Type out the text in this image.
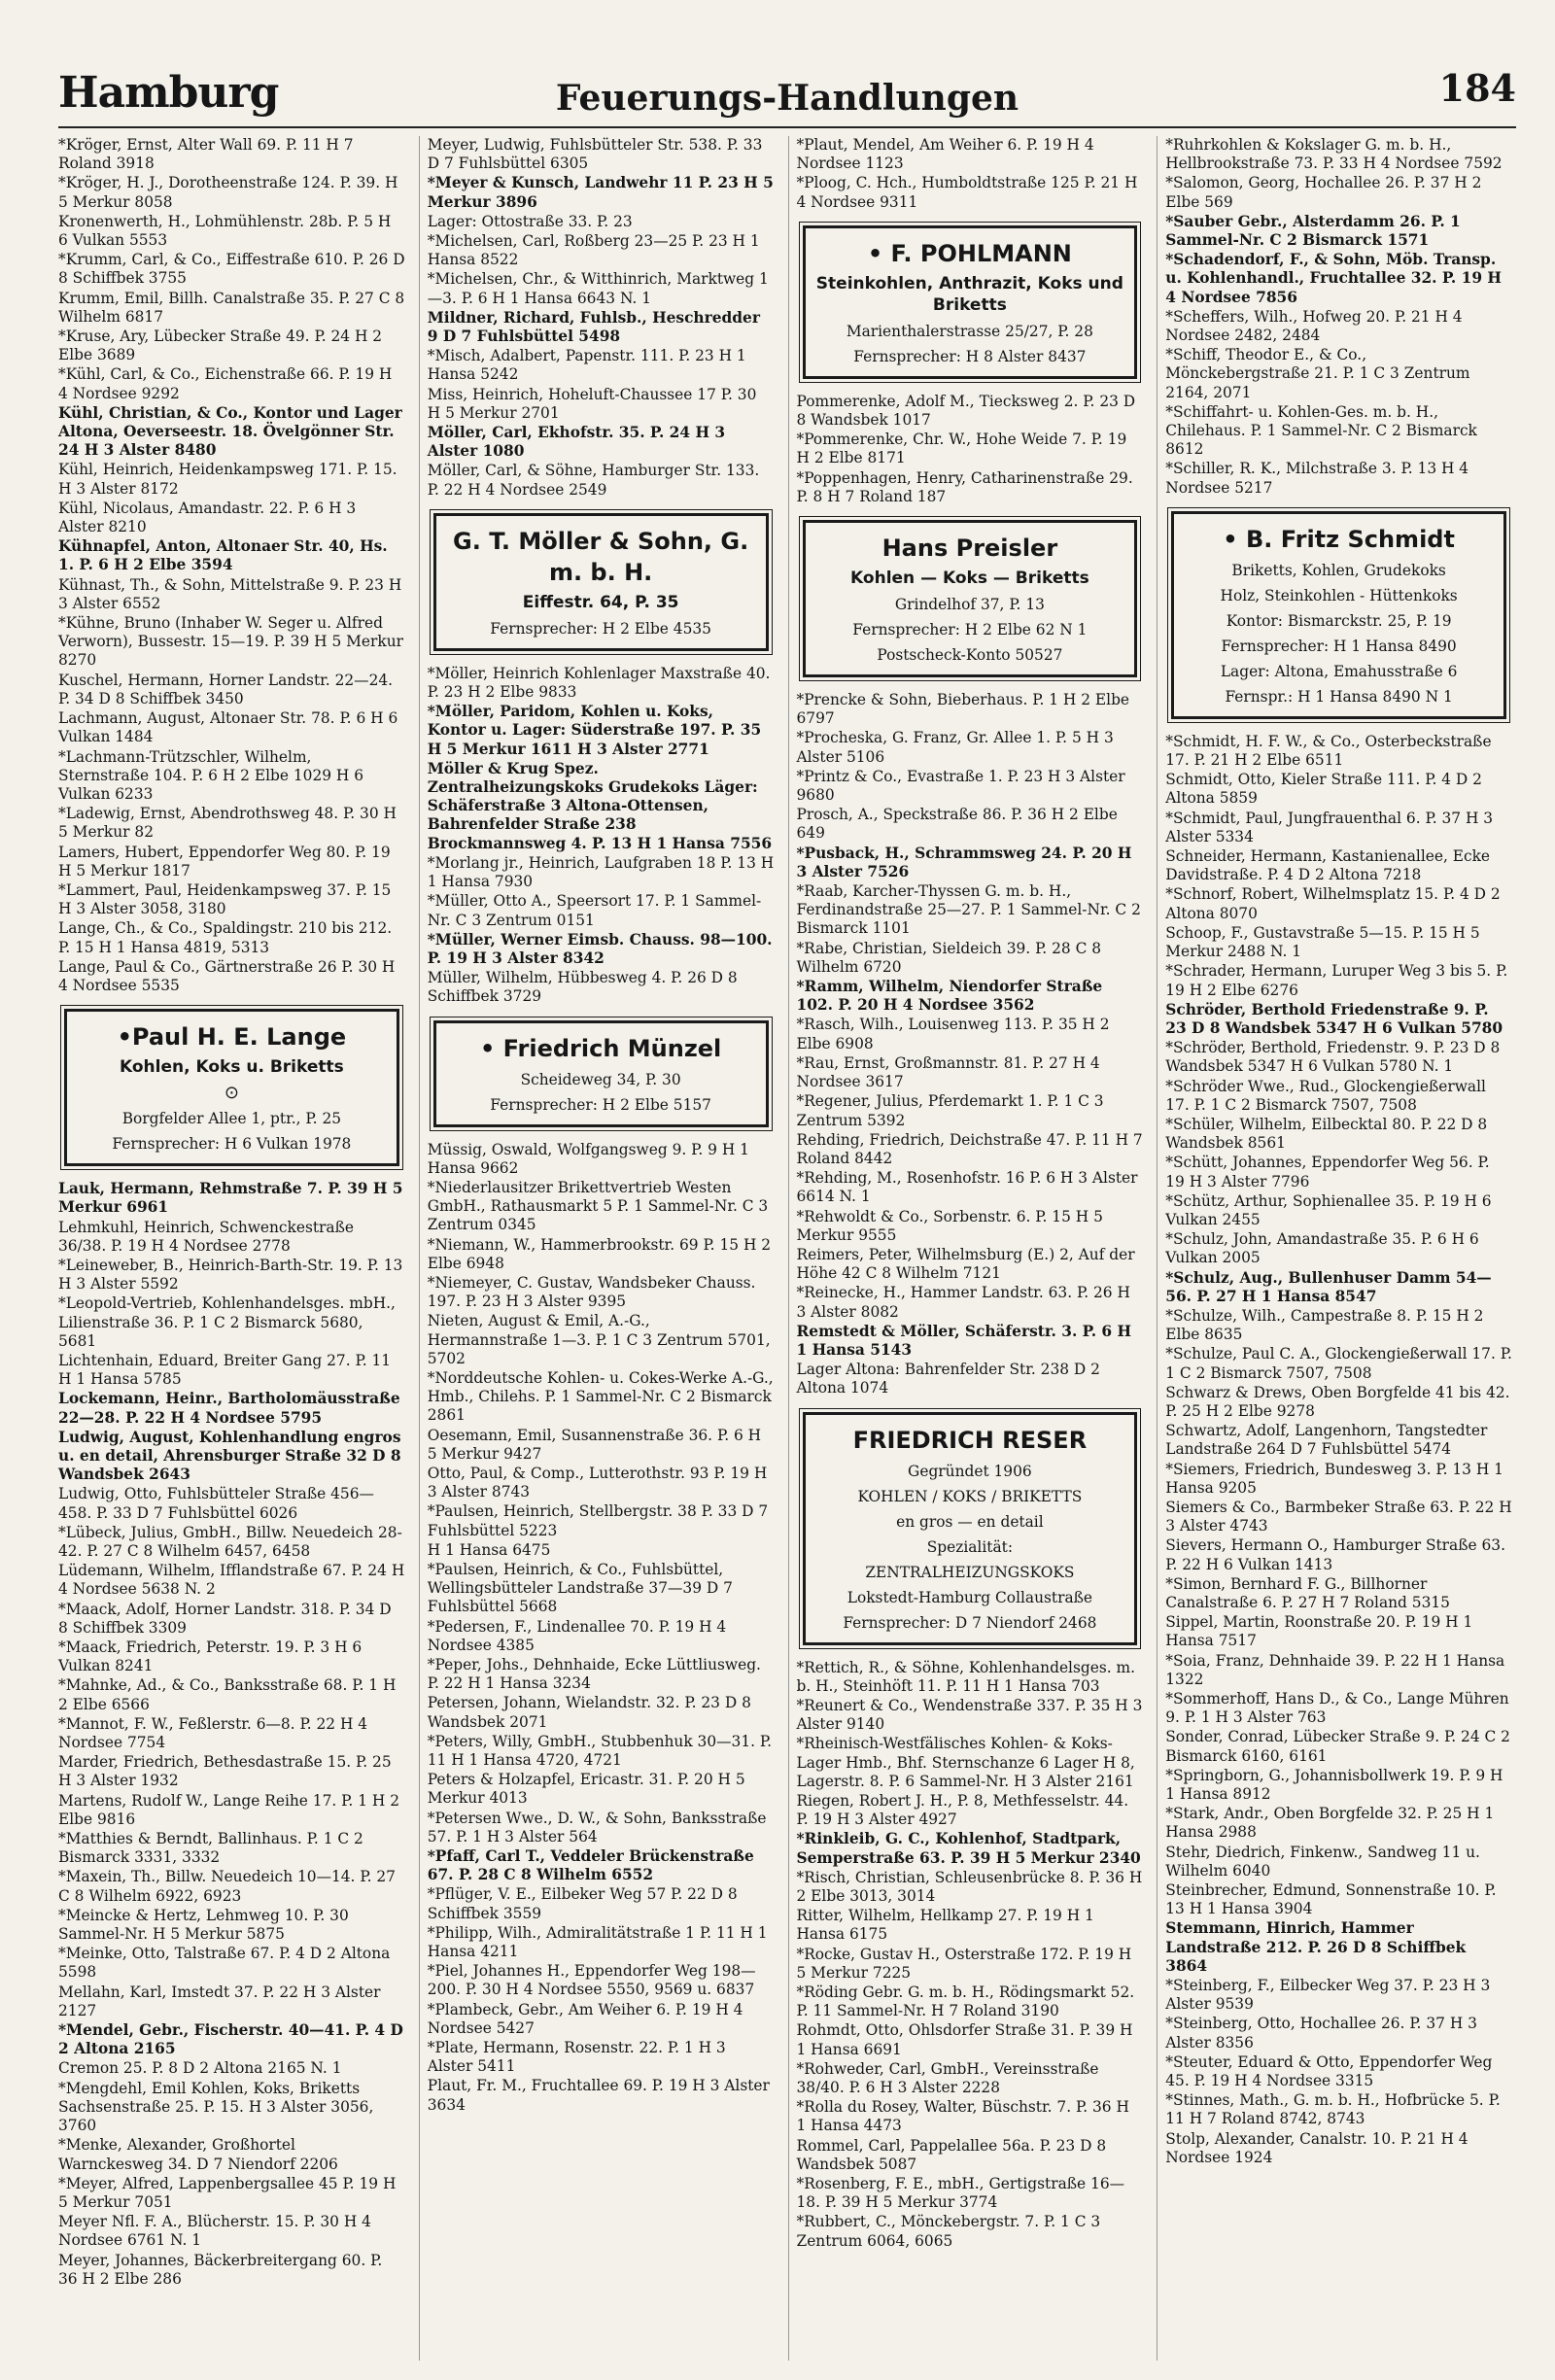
Hamburg	Feuerungs-Handlungen	184
*Kröger, Ernst, Alter Wall 69. P. 11 H 7 Roland 3918
*Kröger, H. J., Dorotheenstraße 124. P. 39. H 5 Merkur 8058
Kronenwerth, H., Lohmühlenstr. 28b. P. 5 H 6 Vulkan 5553
*Krumm, Carl, & Co., Eiffestraße 610. P. 26 D 8 Schiffbek 3755
Krumm, Emil, Billh. Canalstraße 35. P. 27 C 8 Wilhelm 6817
*Kruse, Ary, Lübecker Straße 49. P. 24 H 2 Elbe 3689
*Kühl, Carl, & Co., Eichenstraße 66. P. 19 H 4 Nordsee 9292
Kühl, Christian, & Co., Kontor und Lager Altona, Oeverseestr. 18. Övelgönner Str. 24 H 3 Alster 8480
Kühl, Heinrich, Heidenkampsweg 171. P. 15. H 3 Alster 8172
Kühl, Nicolaus, Amandastr. 22. P. 6 H 3 Alster 8210
Kühnapfel, Anton, Altonaer Str. 40, Hs. 1. P. 6 H 2 Elbe 3594
Kühnast, Th., & Sohn, Mittelstraße 9. P. 23 H 3 Alster 6552
*Kühne, Bruno (Inhaber W. Seger u. Alfred Verworn), Bussestr. 15—19. P. 39 H 5 Merkur 8270
Kuschel, Hermann, Horner Landstr. 22—24. P. 34 D 8 Schiffbek 3450
Lachmann, August, Altonaer Str. 78. P. 6 H 6 Vulkan 1484
*Lachmann-Trützschler, Wilhelm, Sternstraße 104. P. 6 H 2 Elbe 1029 H 6 Vulkan 6233
*Ladewig, Ernst, Abendrothsweg 48. P. 30 H 5 Merkur 82
Lamers, Hubert, Eppendorfer Weg 80. P. 19 H 5 Merkur 1817
*Lammert, Paul, Heidenkampsweg 37. P. 15 H 3 Alster 3058, 3180
Lange, Ch., & Co., Spaldingstr. 210 bis 212. P. 15 H 1 Hansa 4819, 5313
Lange, Paul & Co., Gärtnerstraße 26 P. 30 H 4 Nordsee 5535
•Paul H. E. Lange
Kohlen, Koks u. Briketts
⊙
Borgfelder Allee 1, ptr., P. 25
Fernsprecher: H 6 Vulkan 1978
Lauk, Hermann, Rehmstraße 7. P. 39 H 5 Merkur 6961
Lehmkuhl, Heinrich, Schwenckestraße 36/38. P. 19 H 4 Nordsee 2778
*Leineweber, B., Heinrich-Barth-Str. 19. P. 13 H 3 Alster 5592
*Leopold-Vertrieb, Kohlenhandelsges. mbH., Lilienstraße 36. P. 1 C 2 Bismarck 5680, 5681
Lichtenhain, Eduard, Breiter Gang 27. P. 11 H 1 Hansa 5785
Lockemann, Heinr., Bartholomäusstraße 22—28. P. 22 H 4 Nordsee 5795
Ludwig, August, Kohlenhandlung engros u. en detail, Ahrensburger Straße 32 D 8 Wandsbek 2643
Ludwig, Otto, Fuhlsbütteler Straße 456—458. P. 33 D 7 Fuhlsbüttel 6026
*Lübeck, Julius, GmbH., Billw. Neuedeich 28-42. P. 27 C 8 Wilhelm 6457, 6458
Lüdemann, Wilhelm, Ifflandstraße 67. P. 24 H 4 Nordsee 5638 N. 2
*Maack, Adolf, Horner Landstr. 318. P. 34 D 8 Schiffbek 3309
*Maack, Friedrich, Peterstr. 19. P. 3 H 6 Vulkan 8241
*Mahnke, Ad., & Co., Banksstraße 68. P. 1 H 2 Elbe 6566
*Mannot, F. W., Feßlerstr. 6—8. P. 22 H 4 Nordsee 7754
Marder, Friedrich, Bethesdastraße 15. P. 25 H 3 Alster 1932
Martens, Rudolf W., Lange Reihe 17. P. 1 H 2 Elbe 9816
*Matthies & Berndt, Ballinhaus. P. 1 C 2 Bismarck 3331, 3332
*Maxein, Th., Billw. Neuedeich 10—14. P. 27 C 8 Wilhelm 6922, 6923
*Meincke & Hertz, Lehmweg 10. P. 30 Sammel-Nr. H 5 Merkur 5875
*Meinke, Otto, Talstraße 67. P. 4 D 2 Altona 5598
Mellahn, Karl, Imstedt 37. P. 22 H 3 Alster 2127
*Mendel, Gebr., Fischerstr. 40—41. P. 4 D 2 Altona 2165
Cremon 25. P. 8 D 2 Altona 2165 N. 1
*Mengdehl, Emil Kohlen, Koks, Briketts Sachsenstraße 25. P. 15. H 3 Alster 3056, 3760
*Menke, Alexander, Großhortel Warnckesweg 34. D 7 Niendorf 2206
*Meyer, Alfred, Lappenbergsallee 45 P. 19 H 5 Merkur 7051
Meyer Nfl. F. A., Blücherstr. 15. P. 30 H 4 Nordsee 6761 N. 1
Meyer, Johannes, Bäckerbreitergang 60. P. 36 H 2 Elbe 286
Meyer, Ludwig, Fuhlsbütteler Str. 538. P. 33 D 7 Fuhlsbüttel 6305
*Meyer & Kunsch, Landwehr 11 P. 23 H 5 Merkur 3896
Lager: Ottostraße 33. P. 23
*Michelsen, Carl, Roßberg 23—25 P. 23 H 1 Hansa 8522
*Michelsen, Chr., & Witthinrich, Marktweg 1—3. P. 6 H 1 Hansa 6643 N. 1
Mildner, Richard, Fuhlsb., Heschredder 9 D 7 Fuhlsbüttel 5498
*Misch, Adalbert, Papenstr. 111. P. 23 H 1 Hansa 5242
Miss, Heinrich, Hoheluft-Chaussee 17 P. 30 H 5 Merkur 2701
Möller, Carl, Ekhofstr. 35. P. 24 H 3 Alster 1080
Möller, Carl, & Söhne, Hamburger Str. 133. P. 22 H 4 Nordsee 2549
G. T. Möller & Sohn, G. m. b. H.
Eiffestr. 64, P. 35
Fernsprecher: H 2 Elbe 4535
*Möller, Heinrich Kohlenlager Maxstraße 40. P. 23 H 2 Elbe 9833
*Möller, Paridom, Kohlen u. Koks, Kontor u. Lager: Süderstraße 197. P. 35 H 5 Merkur 1611 H 3 Alster 2771
Möller & Krug Spez. Zentralheizungskoks Grudekoks Läger: Schäferstraße 3 Altona-Ottensen, Bahrenfelder Straße 238 Brockmannsweg 4. P. 13 H 1 Hansa 7556
*Morlang jr., Heinrich, Laufgraben 18 P. 13 H 1 Hansa 7930
*Müller, Otto A., Speersort 17. P. 1 Sammel-Nr. C 3 Zentrum 0151
*Müller, Werner Eimsb. Chauss. 98—100. P. 19 H 3 Alster 8342
Müller, Wilhelm, Hübbesweg 4. P. 26 D 8 Schiffbek 3729
• Friedrich Münzel
Scheideweg 34, P. 30
Fernsprecher: H 2 Elbe 5157
Müssig, Oswald, Wolfgangsweg 9. P. 9 H 1 Hansa 9662
*Niederlausitzer Brikettvertrieb Westen GmbH., Rathausmarkt 5 P. 1 Sammel-Nr. C 3 Zentrum 0345
*Niemann, W., Hammerbrookstr. 69 P. 15 H 2 Elbe 6948
*Niemeyer, C. Gustav, Wandsbeker Chauss. 197. P. 23 H 3 Alster 9395
Nieten, August & Emil, A.-G., Hermannstraße 1—3. P. 1 C 3 Zentrum 5701, 5702
*Norddeutsche Kohlen- u. Cokes-Werke A.-G., Hmb., Chilehs. P. 1 Sammel-Nr. C 2 Bismarck 2861
Oesemann, Emil, Susannenstraße 36. P. 6 H 5 Merkur 9427
Otto, Paul, & Comp., Lutterothstr. 93 P. 19 H 3 Alster 8743
*Paulsen, Heinrich, Stellbergstr. 38 P. 33 D 7 Fuhlsbüttel 5223
H 1 Hansa 6475
*Paulsen, Heinrich, & Co., Fuhlsbüttel, Wellingsbütteler Landstraße 37—39 D 7 Fuhlsbüttel 5668
*Pedersen, F., Lindenallee 70. P. 19 H 4 Nordsee 4385
*Peper, Johs., Dehnhaide, Ecke Lüttliusweg. P. 22 H 1 Hansa 3234
Petersen, Johann, Wielandstr. 32. P. 23 D 8 Wandsbek 2071
*Peters, Willy, GmbH., Stubbenhuk 30—31. P. 11 H 1 Hansa 4720, 4721
Peters & Holzapfel, Ericastr. 31. P. 20 H 5 Merkur 4013
*Petersen Wwe., D. W., & Sohn, Banksstraße 57. P. 1 H 3 Alster 564
*Pfaff, Carl T., Veddeler Brückenstraße 67. P. 28 C 8 Wilhelm 6552
*Pflüger, V. E., Eilbeker Weg 57 P. 22 D 8 Schiffbek 3559
*Philipp, Wilh., Admiralitätstraße 1 P. 11 H 1 Hansa 4211
*Piel, Johannes H., Eppendorfer Weg 198—200. P. 30 H 4 Nordsee 5550, 9569 u. 6837
*Plambeck, Gebr., Am Weiher 6. P. 19 H 4 Nordsee 5427
*Plate, Hermann, Rosenstr. 22. P. 1 H 3 Alster 5411
Plaut, Fr. M., Fruchtallee 69. P. 19 H 3 Alster 3634
*Plaut, Mendel, Am Weiher 6. P. 19 H 4 Nordsee 1123
*Ploog, C. Hch., Humboldtstraße 125 P. 21 H 4 Nordsee 9311
• F. POHLMANN
Steinkohlen, Anthrazit, Koks und Briketts
Marienthalerstrasse 25/27, P. 28
Fernsprecher: H 8 Alster 8437
Pommerenke, Adolf M., Tiecksweg 2. P. 23 D 8 Wandsbek 1017
*Pommerenke, Chr. W., Hohe Weide 7. P. 19 H 2 Elbe 8171
*Poppenhagen, Henry, Catharinenstraße 29. P. 8 H 7 Roland 187
Hans Preisler
Kohlen — Koks — Briketts
Grindelhof 37, P. 13
Fernsprecher: H 2 Elbe 62 N 1
Postscheck-Konto 50527
*Prencke & Sohn, Bieberhaus. P. 1 H 2 Elbe 6797
*Procheska, G. Franz, Gr. Allee 1. P. 5 H 3 Alster 5106
*Printz & Co., Evastraße 1. P. 23 H 3 Alster 9680
Prosch, A., Speckstraße 86. P. 36 H 2 Elbe 649
*Pusback, H., Schrammsweg 24. P. 20 H 3 Alster 7526
*Raab, Karcher-Thyssen G. m. b. H., Ferdinandstraße 25—27. P. 1 Sammel-Nr. C 2 Bismarck 1101
*Rabe, Christian, Sieldeich 39. P. 28 C 8 Wilhelm 6720
*Ramm, Wilhelm, Niendorfer Straße 102. P. 20 H 4 Nordsee 3562
*Rasch, Wilh., Louisenweg 113. P. 35 H 2 Elbe 6908
*Rau, Ernst, Großmannstr. 81. P. 27 H 4 Nordsee 3617
*Regener, Julius, Pferdemarkt 1. P. 1 C 3 Zentrum 5392
Rehding, Friedrich, Deichstraße 47. P. 11 H 7 Roland 8442
*Rehding, M., Rosenhofstr. 16 P. 6 H 3 Alster 6614 N. 1
*Rehwoldt & Co., Sorbenstr. 6. P. 15 H 5 Merkur 9555
Reimers, Peter, Wilhelmsburg (E.) 2, Auf der Höhe 42 C 8 Wilhelm 7121
*Reinecke, H., Hammer Landstr. 63. P. 26 H 3 Alster 8082
Remstedt & Möller, Schäferstr. 3. P. 6 H 1 Hansa 5143
Lager Altona: Bahrenfelder Str. 238 D 2 Altona 1074
FRIEDRICH RESER
Gegründet 1906
KOHLEN / KOKS / BRIKETTS
en gros — en detail
Spezialität:
ZENTRALHEIZUNGSKOKS
Lokstedt-Hamburg Collaustraße
Fernsprecher: D 7 Niendorf 2468
*Rettich, R., & Söhne, Kohlenhandelsges. m. b. H., Steinhöft 11. P. 11 H 1 Hansa 703
*Reunert & Co., Wendenstraße 337. P. 35 H 3 Alster 9140
*Rheinisch-Westfälisches Kohlen- & Koks-Lager Hmb., Bhf. Sternschanze 6 Lager H 8, Lagerstr. 8. P. 6 Sammel-Nr. H 3 Alster 2161
Riegen, Robert J. H., P. 8, Methfesselstr. 44. P. 19 H 3 Alster 4927
*Rinkleib, G. C., Kohlenhof, Stadtpark, Semperstraße 63. P. 39 H 5 Merkur 2340
*Risch, Christian, Schleusenbrücke 8. P. 36 H 2 Elbe 3013, 3014
Ritter, Wilhelm, Hellkamp 27. P. 19 H 1 Hansa 6175
*Rocke, Gustav H., Osterstraße 172. P. 19 H 5 Merkur 7225
*Röding Gebr. G. m. b. H., Rödingsmarkt 52. P. 11 Sammel-Nr. H 7 Roland 3190
Rohmdt, Otto, Ohlsdorfer Straße 31. P. 39 H 1 Hansa 6691
*Rohweder, Carl, GmbH., Vereinsstraße 38/40. P. 6 H 3 Alster 2228
*Rolla du Rosey, Walter, Büschstr. 7. P. 36 H 1 Hansa 4473
Rommel, Carl, Pappelallee 56a. P. 23 D 8 Wandsbek 5087
*Rosenberg, F. E., mbH., Gertigstraße 16—18. P. 39 H 5 Merkur 3774
*Rubbert, C., Mönckebergstr. 7. P. 1 C 3 Zentrum 6064, 6065
*Ruhrkohlen & Kokslager G. m. b. H., Hellbrookstraße 73. P. 33 H 4 Nordsee 7592
*Salomon, Georg, Hochallee 26. P. 37 H 2 Elbe 569
*Sauber Gebr., Alsterdamm 26. P. 1 Sammel-Nr. C 2 Bismarck 1571
*Schadendorf, F., & Sohn, Möb. Transp. u. Kohlenhandl., Fruchtallee 32. P. 19 H 4 Nordsee 7856
*Scheffers, Wilh., Hofweg 20. P. 21 H 4 Nordsee 2482, 2484
*Schiff, Theodor E., & Co., Mönckebergstraße 21. P. 1 C 3 Zentrum 2164, 2071
*Schiffahrt- u. Kohlen-Ges. m. b. H., Chilehaus. P. 1 Sammel-Nr. C 2 Bismarck 8612
*Schiller, R. K., Milchstraße 3. P. 13 H 4 Nordsee 5217
• B. Fritz Schmidt
Briketts, Kohlen, Grudekoks
Holz, Steinkohlen - Hüttenkoks
Kontor: Bismarckstr. 25, P. 19
Fernsprecher: H 1 Hansa 8490
Lager: Altona, Emahusstraße 6
Fernspr.: H 1 Hansa 8490 N 1
*Schmidt, H. F. W., & Co., Osterbeckstraße 17. P. 21 H 2 Elbe 6511
Schmidt, Otto, Kieler Straße 111. P. 4 D 2 Altona 5859
*Schmidt, Paul, Jungfrauenthal 6. P. 37 H 3 Alster 5334
Schneider, Hermann, Kastanienallee, Ecke Davidstraße. P. 4 D 2 Altona 7218
*Schnorf, Robert, Wilhelmsplatz 15. P. 4 D 2 Altona 8070
Schoop, F., Gustavstraße 5—15. P. 15 H 5 Merkur 2488 N. 1
*Schrader, Hermann, Luruper Weg 3 bis 5. P. 19 H 2 Elbe 6276
Schröder, Berthold Friedenstraße 9. P. 23 D 8 Wandsbek 5347 H 6 Vulkan 5780
*Schröder, Berthold, Friedenstr. 9. P. 23 D 8 Wandsbek 5347 H 6 Vulkan 5780 N. 1
*Schröder Wwe., Rud., Glockengießerwall 17. P. 1 C 2 Bismarck 7507, 7508
*Schüler, Wilhelm, Eilbecktal 80. P. 22 D 8 Wandsbek 8561
*Schütt, Johannes, Eppendorfer Weg 56. P. 19 H 3 Alster 7796
*Schütz, Arthur, Sophienallee 35. P. 19 H 6 Vulkan 2455
*Schulz, John, Amandastraße 35. P. 6 H 6 Vulkan 2005
*Schulz, Aug., Bullenhuser Damm 54—56. P. 27 H 1 Hansa 8547
*Schulze, Wilh., Campestraße 8. P. 15 H 2 Elbe 8635
*Schulze, Paul C. A., Glockengießerwall 17. P. 1 C 2 Bismarck 7507, 7508
Schwarz & Drews, Oben Borgfelde 41 bis 42. P. 25 H 2 Elbe 9278
Schwartz, Adolf, Langenhorn, Tangstedter Landstraße 264 D 7 Fuhlsbüttel 5474
*Siemers, Friedrich, Bundesweg 3. P. 13 H 1 Hansa 9205
Siemers & Co., Barmbeker Straße 63. P. 22 H 3 Alster 4743
Sievers, Hermann O., Hamburger Straße 63. P. 22 H 6 Vulkan 1413
*Simon, Bernhard F. G., Billhorner Canalstraße 6. P. 27 H 7 Roland 5315
Sippel, Martin, Roonstraße 20. P. 19 H 1 Hansa 7517
*Soia, Franz, Dehnhaide 39. P. 22 H 1 Hansa 1322
*Sommerhoff, Hans D., & Co., Lange Mühren 9. P. 1 H 3 Alster 763
Sonder, Conrad, Lübecker Straße 9. P. 24 C 2 Bismarck 6160, 6161
*Springborn, G., Johannisbollwerk 19. P. 9 H 1 Hansa 8912
*Stark, Andr., Oben Borgfelde 32. P. 25 H 1 Hansa 2988
Stehr, Diedrich, Finkenw., Sandweg 11 u. Wilhelm 6040
Steinbrecher, Edmund, Sonnenstraße 10. P. 13 H 1 Hansa 3904
Stemmann, Hinrich, Hammer Landstraße 212. P. 26 D 8 Schiffbek 3864
*Steinberg, F., Eilbecker Weg 37. P. 23 H 3 Alster 9539
*Steinberg, Otto, Hochallee 26. P. 37 H 3 Alster 8356
*Steuter, Eduard & Otto, Eppendorfer Weg 45. P. 19 H 4 Nordsee 3315
*Stinnes, Math., G. m. b. H., Hofbrücke 5. P. 11 H 7 Roland 8742, 8743
Stolp, Alexander, Canalstr. 10. P. 21 H 4 Nordsee 1924
